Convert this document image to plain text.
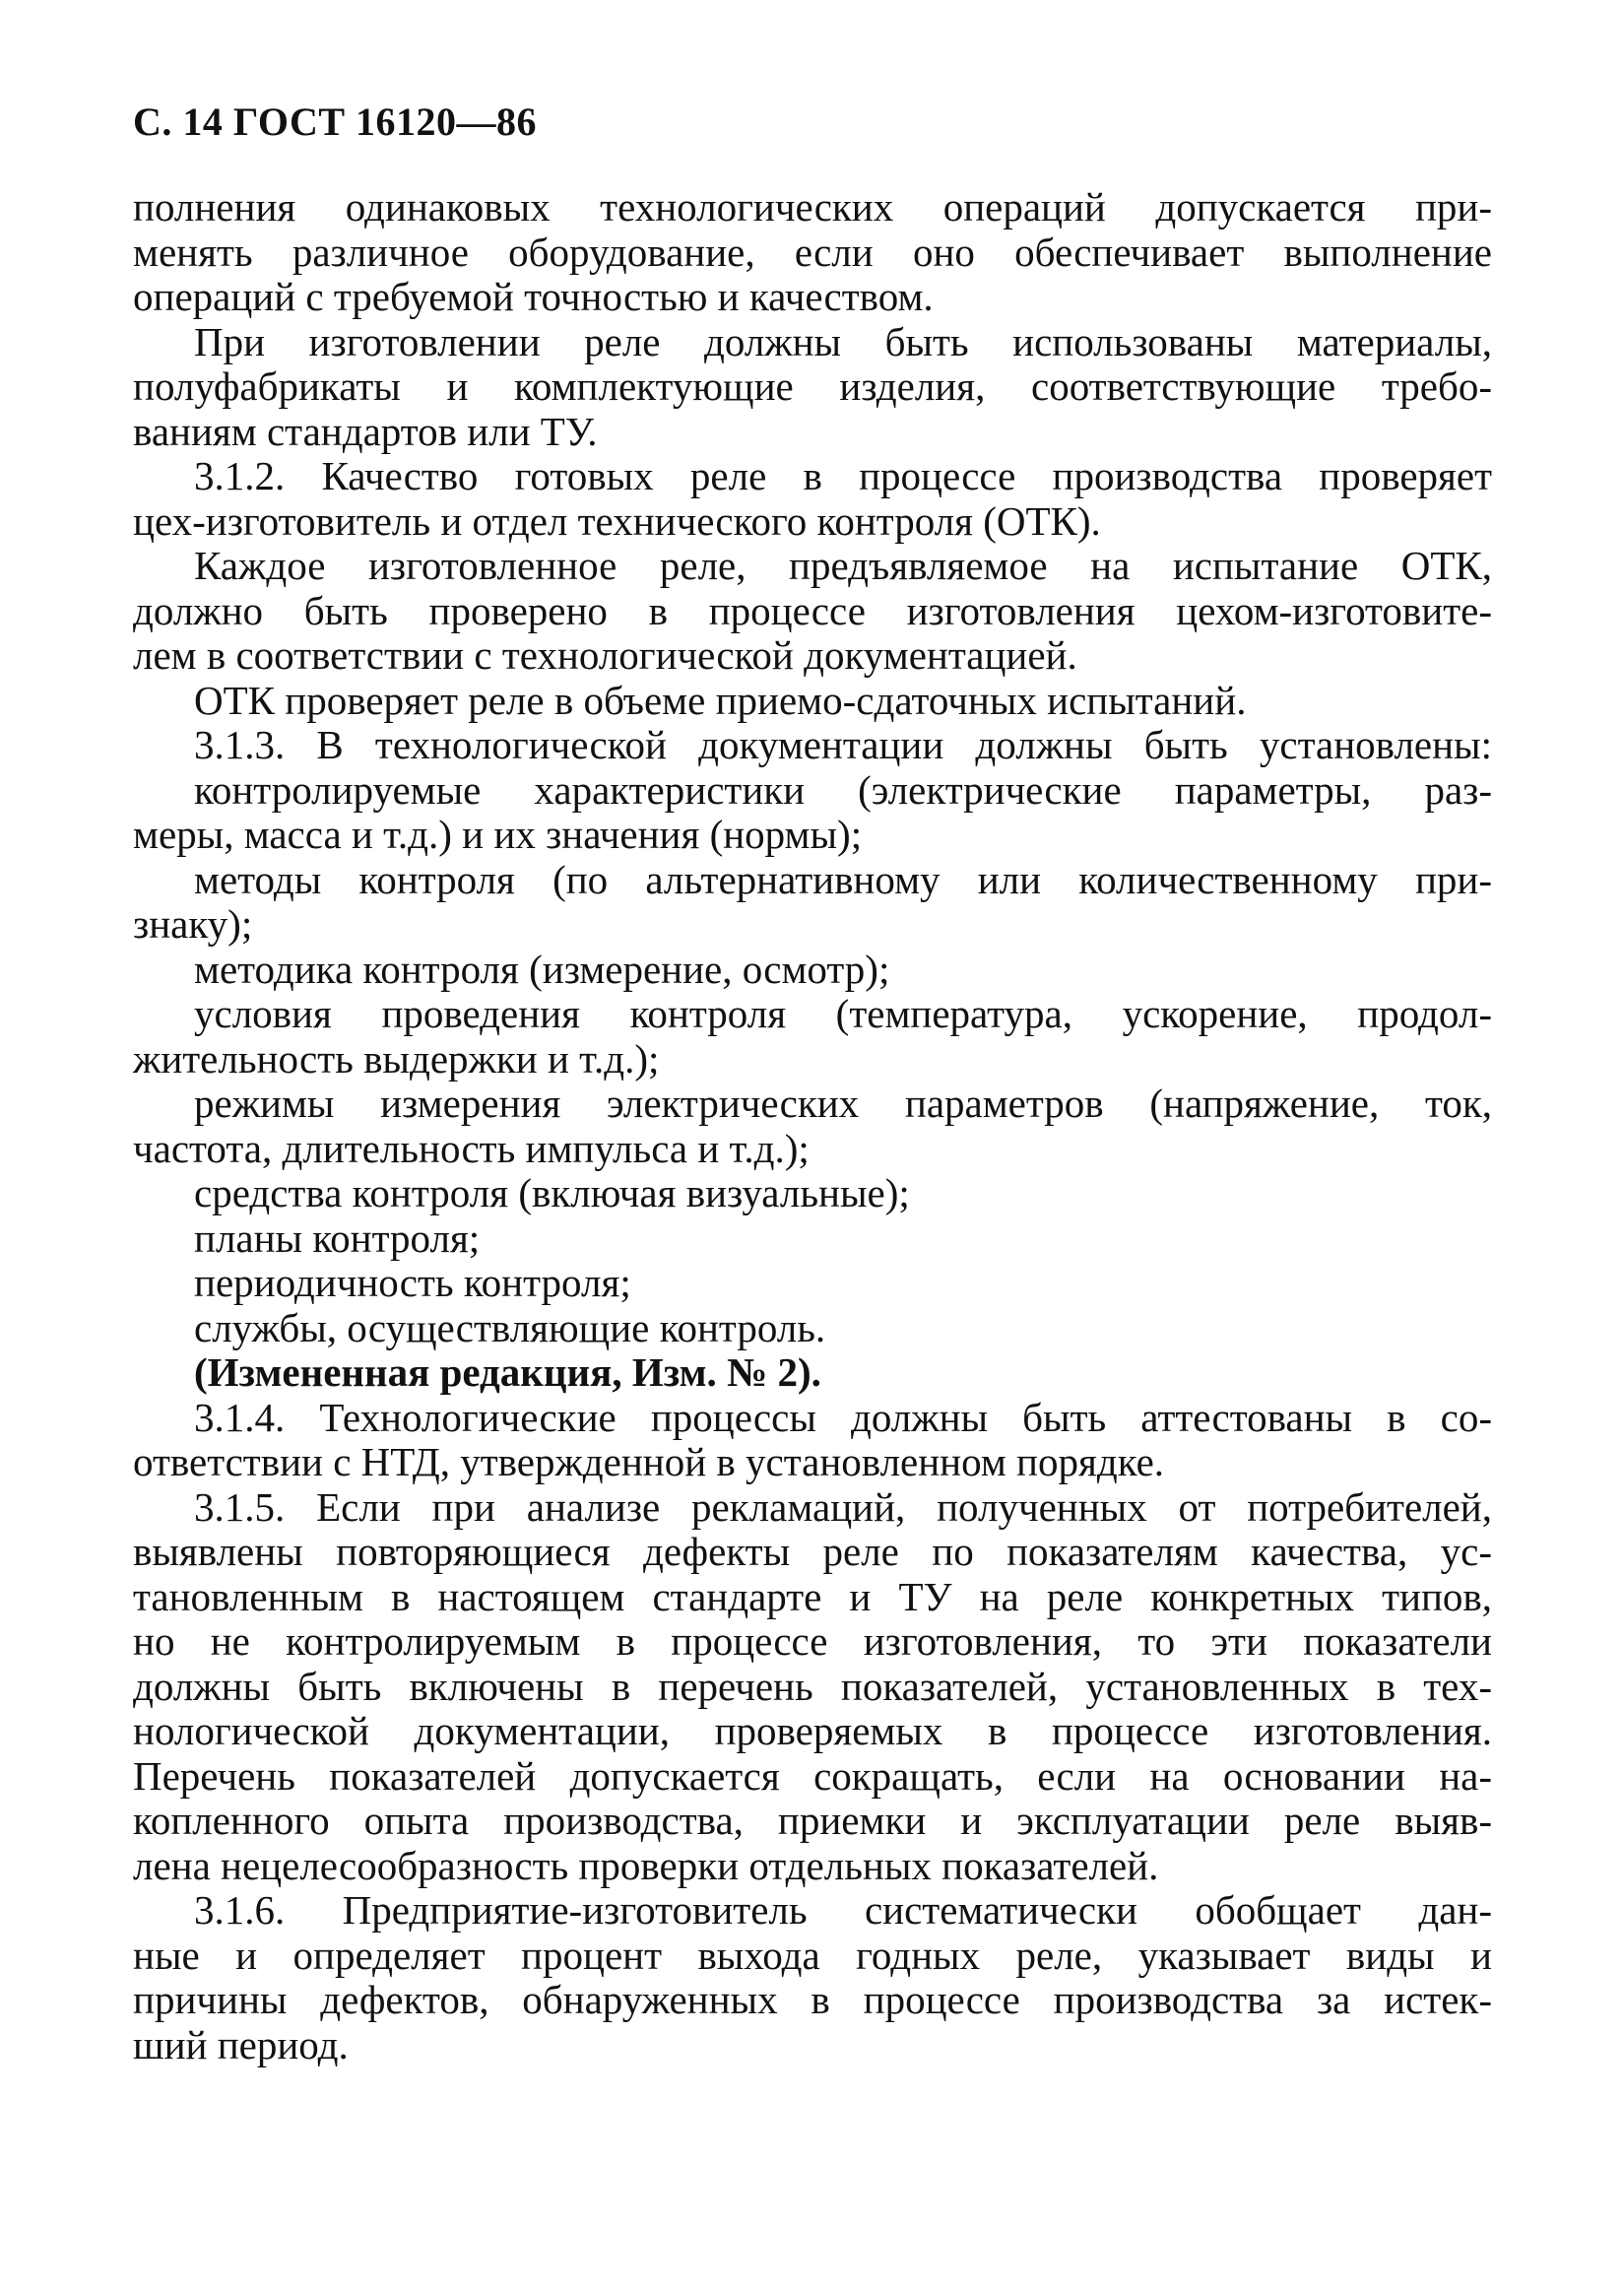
С. 14 ГОСТ 16120—86
полнения одинаковых технологических операций допускается при-
менять различное оборудование, если оно обеспечивает выполнение
операций с требуемой точностью и качеством.
При изготовлении реле должны быть использованы материалы,
полуфабрикаты и комплектующие изделия, соответствующие требо-
ваниям стандартов или ТУ.
3.1.2. Качество готовых реле в процессе производства проверяет
цех-изготовитель и отдел технического контроля (ОТК).
Каждое изготовленное реле, предъявляемое на испытание ОТК,
должно быть проверено в процессе изготовления цехом-изготовите-
лем в соответствии с технологической документацией.
ОТК проверяет реле в объеме приемо-сдаточных испытаний.
3.1.3. В технологической документации должны быть установлены:
контролируемые характеристики (электрические параметры, раз-
меры, масса и т.д.) и их значения (нормы);
методы контроля (по альтернативному или количественному при-
знаку);
методика контроля (измерение, осмотр);
условия проведения контроля (температура, ускорение, продол-
жительность выдержки и т.д.);
режимы измерения электрических параметров (напряжение, ток,
частота, длительность импульса и т.д.);
средства контроля (включая визуальные);
планы контроля;
периодичность контроля;
службы, осуществляющие контроль.
(Измененная редакция, Изм. № 2).
3.1.4. Технологические процессы должны быть аттестованы в со-
ответствии с НТД, утвержденной в установленном порядке.
3.1.5. Если при анализе рекламаций, полученных от потребителей,
выявлены повторяющиеся дефекты реле по показателям качества, ус-
тановленным в настоящем стандарте и ТУ на реле конкретных типов,
но не контролируемым в процессе изготовления, то эти показатели
должны быть включены в перечень показателей, установленных в тех-
нологической документации, проверяемых в процессе изготовления.
Перечень показателей допускается сокращать, если на основании на-
копленного опыта производства, приемки и эксплуатации реле выяв-
лена нецелесообразность проверки отдельных показателей.
3.1.6. Предприятие-изготовитель систематически обобщает дан-
ные и определяет процент выхода годных реле, указывает виды и
причины дефектов, обнаруженных в процессе производства за истек-
ший период.
